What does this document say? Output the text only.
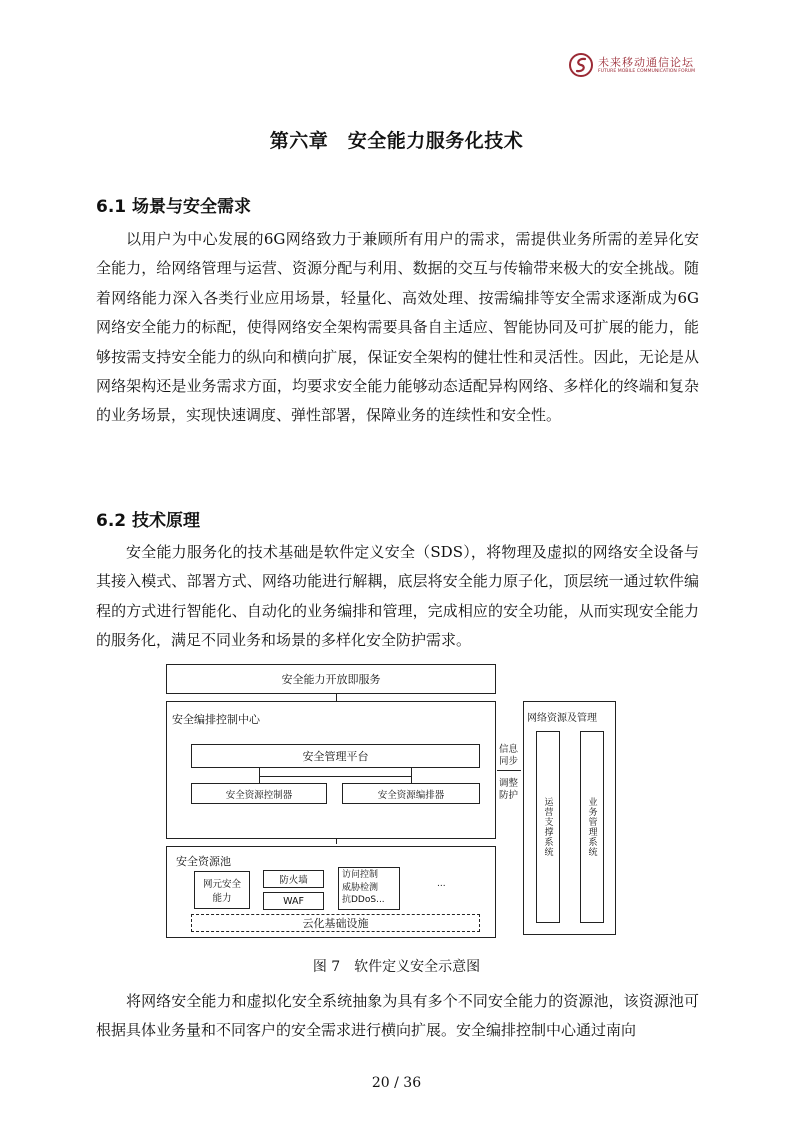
未来移动通信论坛
FUTURE MOBILE COMMUNICATION FORUM
第六章　安全能力服务化技术
6.1 场景与安全需求

以用户为中心发展的6G网络致力于兼顾所有用户的需求，需提供业务所需的差异化安全能力，给网络管理与运营、资源分配与利用、数据的交互与传输带来极大的安全挑战。随着网络能力深入各类行业应用场景，轻量化、高效处理、按需编排等安全需求逐渐成为6G网络安全能力的标配，使得网络安全架构需要具备自主适应、智能协同及可扩展的能力，能够按需支持安全能力的纵向和横向扩展，保证安全架构的健壮性和灵活性。因此，无论是从网络架构还是业务需求方面，均要求安全能力能够动态适配异构网络、多样化的终端和复杂的业务场景，实现快速调度、弹性部署，保障业务的连续性和安全性。

6.2 技术原理

安全能力服务化的技术基础是软件定义安全（SDS），将物理及虚拟的网络安全设备与其接入模式、部署方式、网络功能进行解耦，底层将安全能力原子化，顶层统一通过软件编程的方式进行智能化、自动化的业务编排和管理，完成相应的安全功能，从而实现安全能力的服务化，满足不同业务和场景的多样化安全防护需求。

安全能力开放即服务
安全编排控制中心
安全管理平台
安全资源控制器	安全资源编排器
信息同步
调整防护
安全资源池
网元安全能力
防火墙
WAF
访问控制
威胁检测
抗DDoS...
...
云化基础设施
网络资源及管理
运营支撑系统	业务管理系统
图 7　软件定义安全示意图

将网络安全能力和虚拟化安全系统抽象为具有多个不同安全能力的资源池，该资源池可根据具体业务量和不同客户的安全需求进行横向扩展。安全编排控制中心通过南向

20 / 36
